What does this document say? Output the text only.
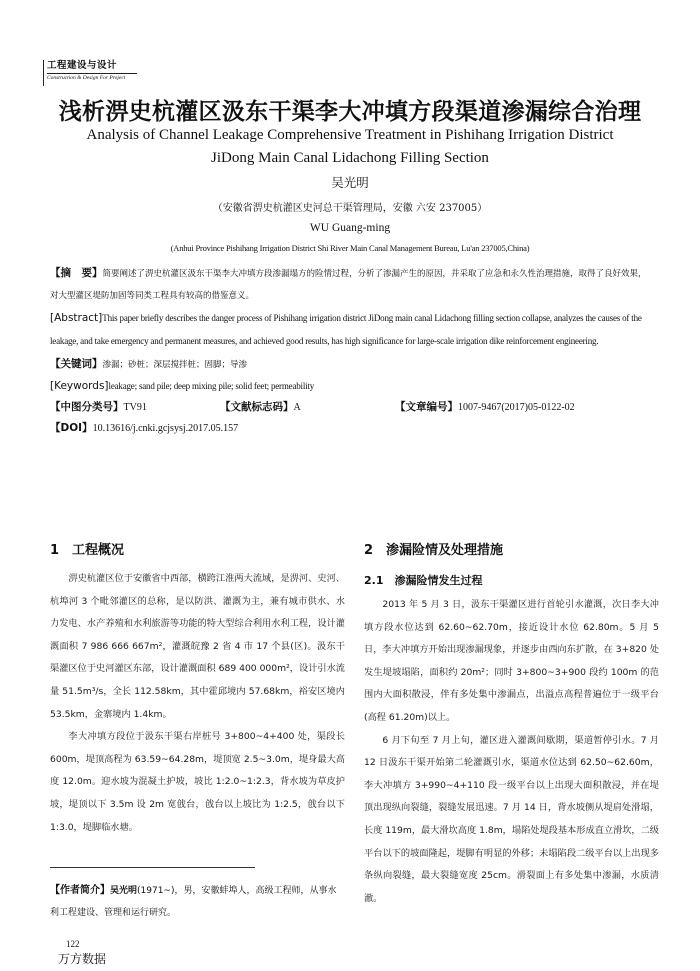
工程建设与设计
Construction & Design For Project
浅析淠史杭灌区汲东干渠李大冲填方段渠道渗漏综合治理
Analysis of Channel Leakage Comprehensive Treatment in Pishihang Irrigation District
JiDong Main Canal Lidachong Filling Section
吴光明
（安徽省淠史杭灌区史河总干渠管理局，安徽 六安 237005）
WU Guang-ming
(Anhui Province Pishihang Irrigation District Shi River Main Canal Management Bureau, Lu'an 237005,China)
【摘　要】简要阐述了淠史杭灌区汲东干渠李大冲填方段渗漏塌方的险情过程，分析了渗漏产生的原因，并采取了应急和永久性治理措施，取得了良好效果，对大型灌区堤防加固等同类工程具有较高的借鉴意义。
[Abstract]This paper briefly describes the danger process of Pishihang irrigation district JiDong main canal Lidachong filling section collapse, analyzes the causes of the leakage, and take emergency and permanent measures, and achieved good results, has high significance for large-scale irrigation dike reinforcement engineering.
【关键词】渗漏；砂桩；深层搅拌桩；固脚；导渗
[Keywords]leakage; sand pile; deep mixing pile; solid feet; permeability
【中图分类号】TV91	【文献标志码】A	【文章编号】1007-9467(2017)05-0122-02
【DOI】10.13616/j.cnki.gcjsysj.2017.05.157
1　工程概况

淠史杭灌区位于安徽省中西部，横跨江淮两大流域，是淠河、史河、杭埠河 3 个毗邻灌区的总称，是以防洪、灌溉为主，兼有城市供水、水力发电、水产养殖和水利旅游等功能的特大型综合利用水利工程，设计灌溉面积 7 986 666 667m²，灌溉皖豫 2 省 4 市 17 个县(区)。汲东干渠灌区位于史河灌区东部，设计灌溉面积 689 400 000m²，设计引水流量 51.5m³/s，全长 112.58km，其中霍邱境内 57.68km，裕安区境内 53.5km，金寨境内 1.4km。

李大冲填方段位于汲东干渠右岸桩号 3+800~4+400 处，渠段长 600m，堤顶高程为 63.59~64.28m，堤顶宽 2.5~3.0m，堤身最大高度 12.0m。迎水坡为混凝土护坡，坡比 1:2.0~1:2.3，背水坡为草皮护坡，堤顶以下 3.5m 设 2m 宽戗台，戗台以上坡比为 1:2.5，戗台以下 1:3.0，堤脚临水塘。

【作者简介】吴光明(1971~)，男，安徽蚌埠人，高级工程师，从事水利工程建设、管理和运行研究。
2　渗漏险情及处理措施
2.1　渗漏险情发生过程

2013 年 5 月 3 日，汲东干渠灌区进行首轮引水灌溉，次日李大冲填方段水位达到 62.60~62.70m，接近设计水位 62.80m。5 月 5 日，李大冲填方开始出现渗漏现象，并逐步由西向东扩散，在 3+820 处发生堤坡塌陷，面积约 20m²；同时 3+800~3+900 段约 100m 的范围内大面积散浸，伴有多处集中渗漏点，出溢点高程普遍位于一级平台(高程 61.20m)以上。

6 月下旬至 7 月上旬，灌区进入灌溉间歇期，渠道暂停引水。7 月 12 日汲东干渠开始第二轮灌溉引水，渠道水位达到 62.50~62.60m，李大冲填方 3+990~4+110 段一级平台以上出现大面积散浸，并在堤顶出现纵向裂缝，裂缝发展迅速。7 月 14 日，背水坡侧从堤肩处滑塌，长度 119m，最大滑坎高度 1.8m，塌陷处堤段基本形成直立滑坎，二级平台以下的坡面隆起，堤脚有明显的外移；未塌陷段二级平台以上出现多条纵向裂缝，最大裂缝宽度 25cm。滑裂面上有多处集中渗漏，水质清澈。

122
万方数据
